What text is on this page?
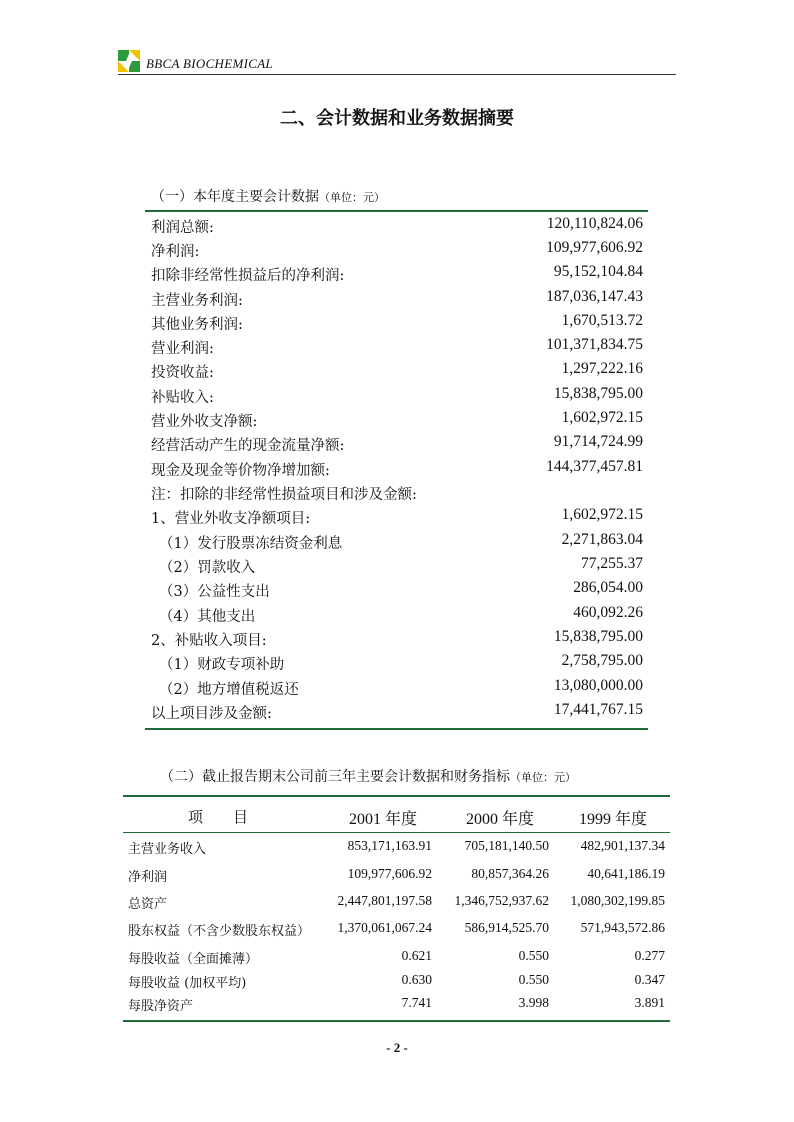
BBCA BIOCHEMICAL
二、会计数据和业务数据摘要
（一）本年度主要会计数据（单位：元）
利润总额:	120,110,824.06
净利润:	109,977,606.92
扣除非经常性损益后的净利润:	95,152,104.84
主营业务利润:	187,036,147.43
其他业务利润:	1,670,513.72
营业利润:	101,371,834.75
投资收益:	1,297,222.16
补贴收入:	15,838,795.00
营业外收支净额:	1,602,972.15
经营活动产生的现金流量净额:	91,714,724.99
现金及现金等价物净增加额:	144,377,457.81
注：扣除的非经常性损益项目和涉及金额:
1、营业外收支净额项目:	1,602,972.15
（1）发行股票冻结资金利息	2,271,863.04
（2）罚款收入	77,255.37
（3）公益性支出	286,054.00
（4）其他支出	460,092.26
2、补贴收入项目:	15,838,795.00
（1）财政专项补助	2,758,795.00
（2）地方增值税返还	13,080,000.00
以上项目涉及金额:	17,441,767.15
（二）截止报告期末公司前三年主要会计数据和财务指标（单位：元）
项　　目	2001 年度	2000 年度	1999 年度
主营业务收入	853,171,163.91 705,181,140.50 482,901,137.34
净利润	109,977,606.92	80,857,364.26	40,641,186.19
总资产	2,447,801,197.58 1,346,752,937.62 1,080,302,199.85
股东权益（不含少数股东权益） 1,370,061,067.24 586,914,525.70 571,943,572.86
每股收益（全面摊薄）	0.621	0.550	0.277
每股收益 (加权平均)	0.630	0.550	0.347
每股净资产	7.741	3.998	3.891
- 2 -
